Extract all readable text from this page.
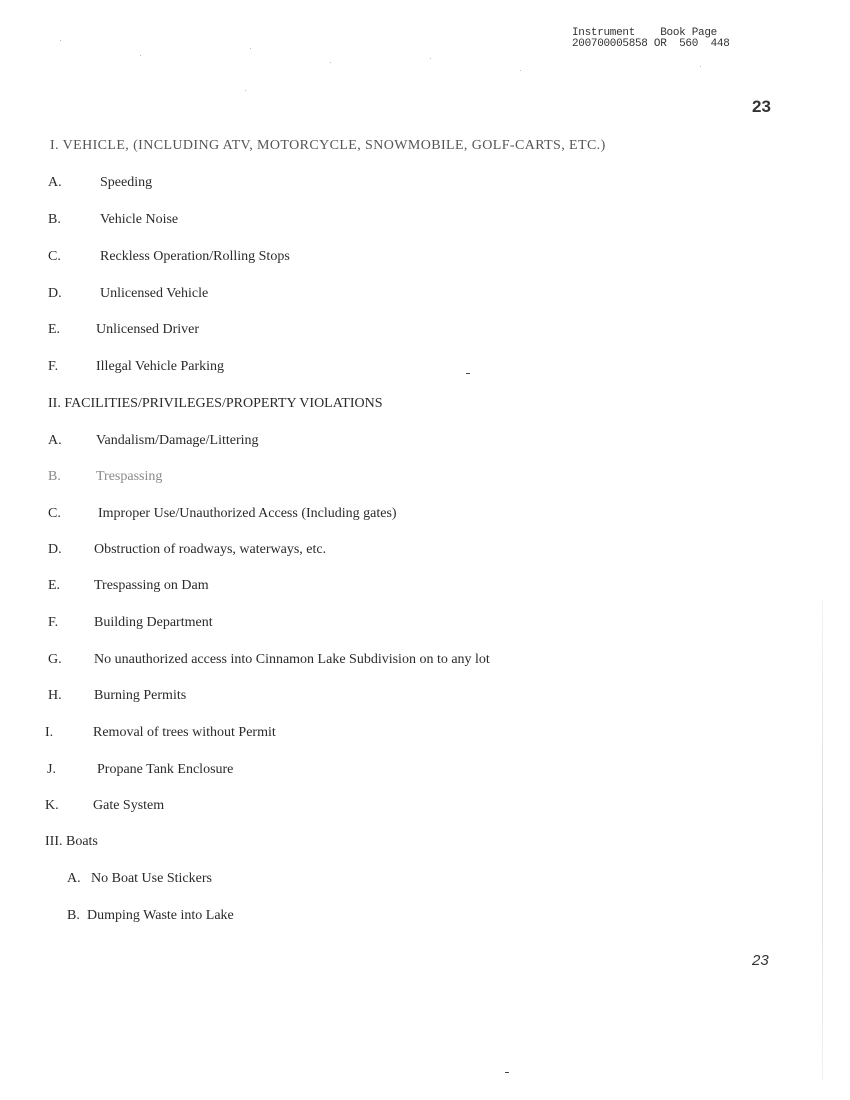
Instrument    Book Page
200700005858 OR  560  448
23
I. VEHICLE, (INCLUDING ATV, MOTORCYCLE, SNOWMOBILE, GOLF-CARTS, ETC.)
A.	Speeding
B.	Vehicle Noise
C.	Reckless Operation/Rolling Stops
D.	Unlicensed Vehicle
E.	Unlicensed Driver
F.	Illegal Vehicle Parking
II. FACILITIES/PRIVILEGES/PROPERTY VIOLATIONS
A. Vandalism/Damage/Littering
B.	Trespassing
C.	Improper Use/Unauthorized Access (Including gates)
D. Obstruction of roadways, waterways, etc.
E. Trespassing on Dam
F.	Building Department
G. No unauthorized access into Cinnamon Lake Subdivision on to any lot
H. Burning Permits
I.	Removal of trees without Permit
J.	Propane Tank Enclosure
K. Gate System
III. Boats
A. No Boat Use Stickers
B. Dumping Waste into Lake
23
